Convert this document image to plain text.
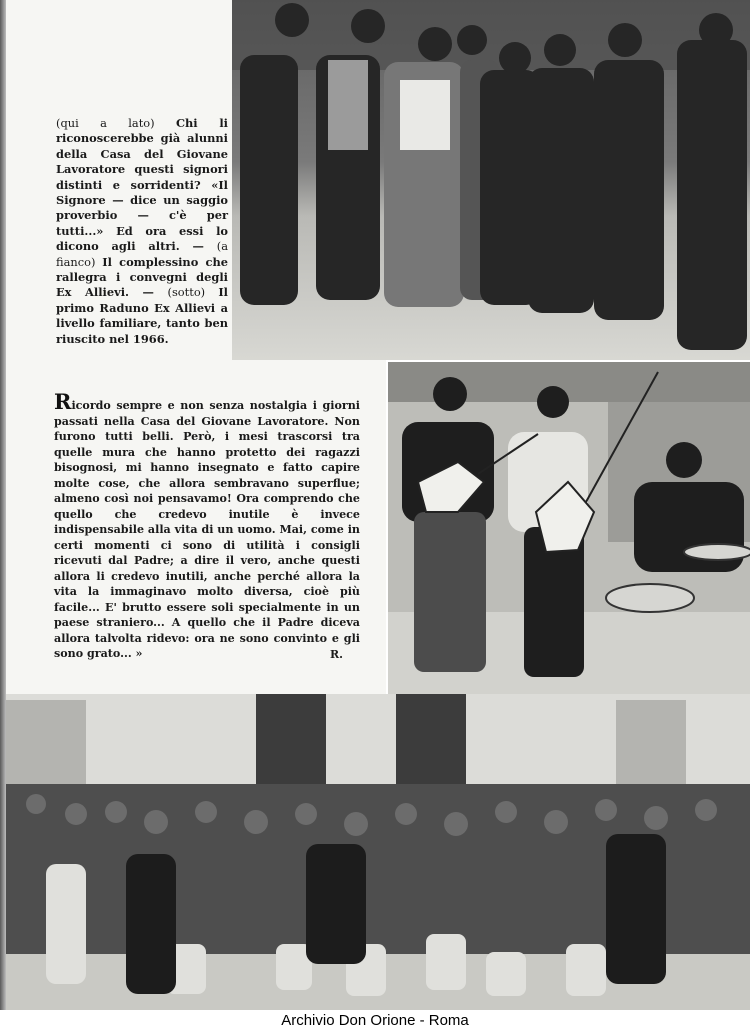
(qui a lato) Chi li riconoscerebbe già alunni della Casa del Giovane Lavoratore questi signori distinti e sorridenti? «Il Signore — dice un saggio proverbio — c'è per tutti...» Ed ora essi lo dicono agli altri. — (a fianco) Il complessino che rallegra i convegni degli Ex Allievi. — (sotto) Il primo Raduno Ex Allievi a livello familiare, tanto ben riuscito nel 1966.
Ricordo sempre e non senza nostalgia i giorni passati nella Casa del Giovane Lavoratore. Non furono tutti belli. Però, i mesi trascorsi tra quelle mura che hanno protetto dei ragazzi bisognosi, mi hanno insegnato e fatto capire molte cose, che allora sembravano superflue; almeno così noi pensavamo! Ora comprendo che quello che credevo inutile è invece indispensabile alla vita di un uomo. Mai, come in certi momenti ci sono di utilità i consigli ricevuti dal Padre; a dire il vero, anche questi allora li credevo inutili, anche perché allora la vita la immaginavo molto diversa, cioè più facile... E' brutto essere soli specialmente in un paese straniero... A quello che il Padre diceva allora talvolta ridevo: ora ne sono convinto e gli sono grato... »	R.
Archivio Don Orione - Roma
